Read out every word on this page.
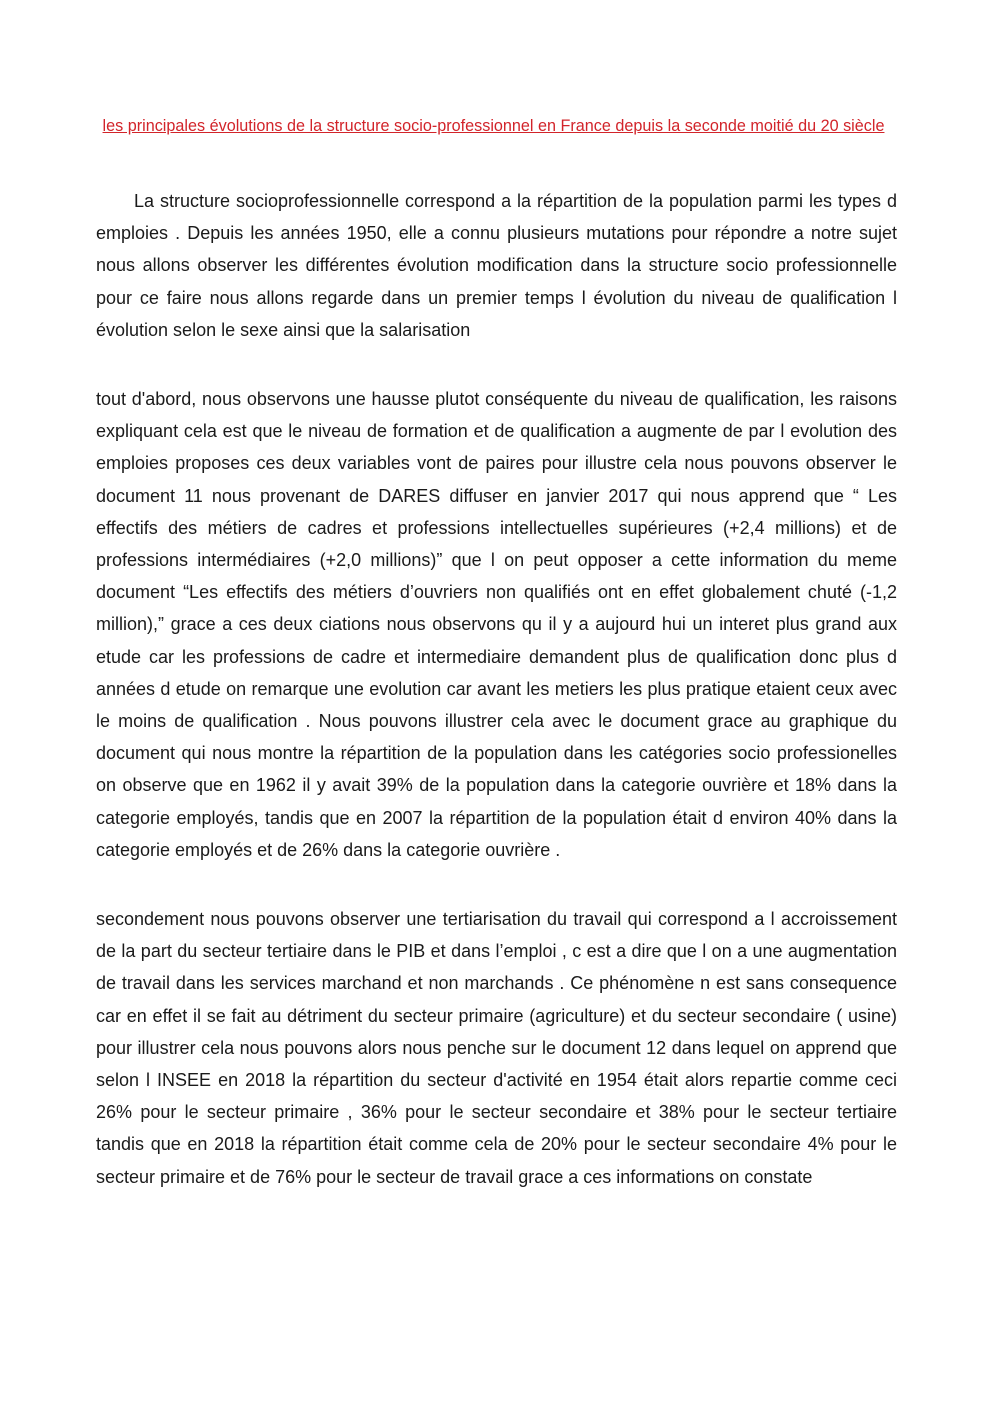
les principales évolutions de la structure socio-professionnel en France depuis la seconde moitié du 20 siècle

La structure socioprofessionnelle correspond a la répartition de la population parmi les types d emploies . Depuis les années 1950, elle a connu plusieurs mutations pour répondre a notre sujet nous allons observer les différentes évolution modification dans la structure socio professionnelle pour ce faire nous allons regarde dans un premier temps l évolution du niveau de qualification l évolution selon le sexe ainsi que la salarisation

tout d'abord, nous observons une hausse plutot conséquente du niveau de qualification, les raisons expliquant cela est que le niveau de formation et de qualification a augmente de par l evolution des emploies proposes ces deux variables vont de paires pour illustre cela nous pouvons observer le document 11 nous provenant de DARES diffuser en janvier 2017 qui nous apprend que “ Les effectifs des métiers de cadres et professions intellectuelles supérieures (+2,4 millions) et de professions intermédiaires (+2,0 millions)” que l on peut opposer a cette information du meme document “Les effectifs des métiers d’ouvriers non qualifiés ont en effet globalement chuté (-1,2 million),” grace a ces deux ciations nous observons qu il y a aujourd hui un interet plus grand aux etude car les professions de cadre et intermediaire demandent plus de qualification donc plus d années d etude on remarque une evolution car avant les metiers les plus pratique etaient ceux avec le moins de qualification . Nous pouvons illustrer cela avec le document grace au graphique du document qui nous montre la répartition de la population dans les catégories socio professionelles on observe que en 1962 il y avait 39% de la population dans la categorie ouvrière et 18% dans la categorie employés, tandis que en 2007 la répartition de la population était d environ 40% dans la categorie employés et de 26% dans la categorie ouvrière .

secondement nous pouvons observer une tertiarisation du travail qui correspond a l accroissement de la part du secteur tertiaire dans le PIB et dans l’emploi , c est a dire que l on a une augmentation de travail dans les services marchand et non marchands . Ce phénomène n est sans consequence car en effet il se fait au détriment du secteur primaire (agriculture) et du secteur secondaire ( usine) pour illustrer cela nous pouvons alors nous penche sur le document 12 dans lequel on apprend que selon l INSEE en 2018 la répartition du secteur d'activité en 1954 était alors repartie comme ceci 26% pour le secteur primaire , 36% pour le secteur secondaire et 38% pour le secteur tertiaire tandis que en 2018 la répartition était comme cela de 20% pour le secteur secondaire 4% pour le secteur primaire et de 76% pour le secteur de travail grace a ces informations on constate
